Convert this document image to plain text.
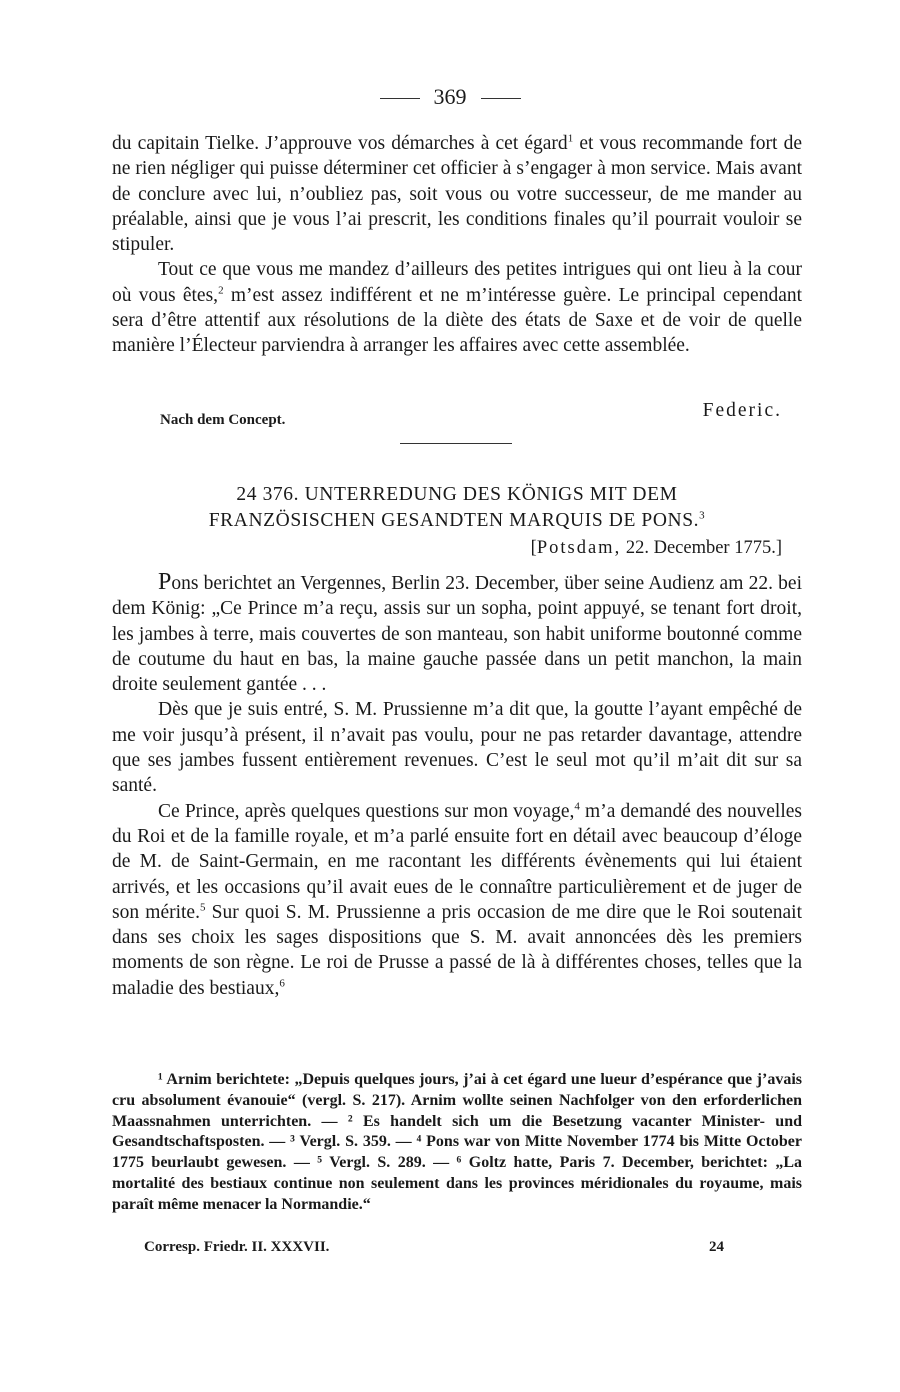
369

du capitain Tielke. J’approuve vos démarches à cet égard$^1$ et vous recommande fort de ne rien négliger qui puisse déterminer cet officier à s’engager à mon service. Mais avant de conclure avec lui, n’oubliez pas, soit vous ou votre successeur, de me mander au préalable, ainsi que je vous l’ai prescrit, les conditions finales qu’il pourrait vouloir se stipuler.

Tout ce que vous me mandez d’ailleurs des petites intrigues qui ont lieu à la cour où vous êtes,$^2$ m’est assez indifférent et ne m’intéresse guère. Le principal cependant sera d’être attentif aux résolutions de la diète des états de Saxe et de voir de quelle manière l’Électeur parviendra à arranger les affaires avec cette assemblée.

Nach dem Concept.	Federic.
24 376. UNTERREDUNG DES KÖNIGS MIT DEM
FRANZÖSISCHEN GESANDTEN MARQUIS DE PONS.$^3$
[Potsdam, 22. December 1775.]

Pons berichtet an Vergennes, Berlin 23. December, über seine Audienz am 22. bei dem König: „Ce Prince m’a reçu, assis sur un sopha, point appuyé, se tenant fort droit, les jambes à terre, mais couvertes de son manteau, son habit uniforme boutonné comme de coutume du haut en bas, la maine gauche passée dans un petit manchon, la main droite seulement gantée . . .

Dès que je suis entré, S. M. Prussienne m’a dit que, la goutte l’ayant empêché de me voir jusqu’à présent, il n’avait pas voulu, pour ne pas retarder davantage, attendre que ses jambes fussent entièrement revenues. C’est le seul mot qu’il m’ait dit sur sa santé.

Ce Prince, après quelques questions sur mon voyage,$^4$ m’a demandé des nouvelles du Roi et de la famille royale, et m’a parlé ensuite fort en détail avec beaucoup d’éloge de M. de Saint-Germain, en me racontant les différents évènements qui lui étaient arrivés, et les occasions qu’il avait eues de le connaître particulièrement et de juger de son mérite.$^5$ Sur quoi S. M. Prussienne a pris occasion de me dire que le Roi soutenait dans ses choix les sages dispositions que S. M. avait annoncées dès les premiers moments de son règne. Le roi de Prusse a passé de là à différentes choses, telles que la maladie des bestiaux,$^6$

¹ Arnim berichtete: „Depuis quelques jours, j’ai à cet égard une lueur d’espérance que j’avais cru absolument évanouie“ (vergl. S. 217). Arnim wollte seinen Nachfolger von den erforderlichen Maassnahmen unterrichten. — ² Es handelt sich um die Besetzung vacanter Minister- und Gesandtschaftsposten. — ³ Vergl. S. 359. — ⁴ Pons war von Mitte November 1774 bis Mitte October 1775 beurlaubt gewesen. — ⁵ Vergl. S. 289. — ⁶ Goltz hatte, Paris 7. December, berichtet: „La mortalité des bestiaux continue non seulement dans les provinces méridionales du royaume, mais paraît même menacer la Normandie.“

Corresp. Friedr. II. XXXVII.	24
